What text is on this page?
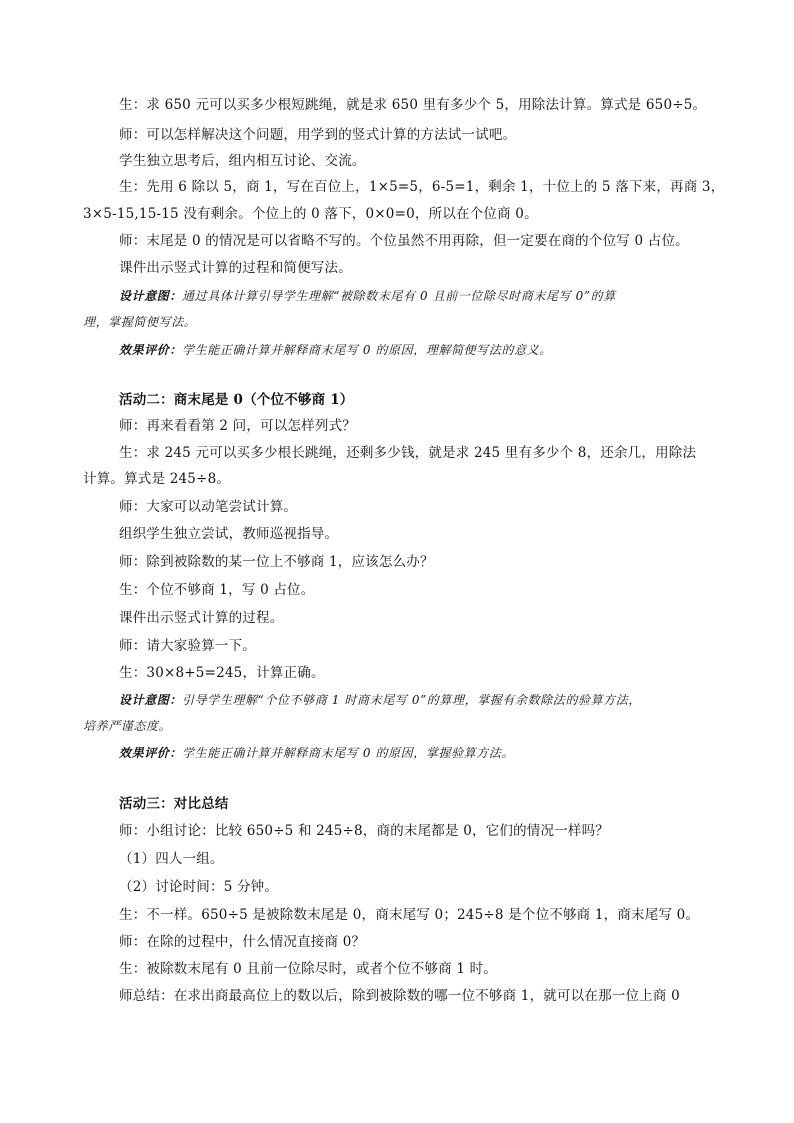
生：求 650 元可以买多少根短跳绳，就是求 650 里有多少个 5，用除法计算。算式是 650÷5。
师：可以怎样解决这个问题，用学到的竖式计算的方法试一试吧。
学生独立思考后，组内相互讨论、交流。
生：先用 6 除以 5，商 1，写在百位上，1×5=5，6-5=1，剩余 1，十位上的 5 落下来，再商 3，
3×5-15,15-15 没有剩余。个位上的 0 落下，0×0=0，所以在个位商 0。
师：末尾是 0 的情况是可以省略不写的。个位虽然不用再除，但一定要在商的个位写 0 占位。
课件出示竖式计算的过程和简便写法。
设计意图：通过具体计算引导学生理解“被除数末尾有 0 且前一位除尽时商末尾写 0”的算
理，掌握简便写法。
效果评价：学生能正确计算并解释商末尾写 0 的原因，理解简便写法的意义。
活动二：商末尾是 0（个位不够商 1）
师：再来看看第 2 问，可以怎样列式？
生：求 245 元可以买多少根长跳绳，还剩多少钱，就是求 245 里有多少个 8，还余几，用除法
计算。算式是 245÷8。
师：大家可以动笔尝试计算。
组织学生独立尝试，教师巡视指导。
师：除到被除数的某一位上不够商 1，应该怎么办？
生：个位不够商 1，写 0 占位。
课件出示竖式计算的过程。
师：请大家验算一下。
生：30×8+5=245，计算正确。
设计意图：引导学生理解“个位不够商 1 时商末尾写 0”的算理，掌握有余数除法的验算方法，
培养严谨态度。
效果评价：学生能正确计算并解释商末尾写 0 的原因，掌握验算方法。
活动三：对比总结
师：小组讨论：比较 650÷5 和 245÷8，商的末尾都是 0，它们的情况一样吗？
（1）四人一组。
（2）讨论时间：5 分钟。
生：不一样。650÷5 是被除数末尾是 0，商末尾写 0；245÷8 是个位不够商 1，商末尾写 0。
师：在除的过程中，什么情况直接商 0？
生：被除数末尾有 0 且前一位除尽时，或者个位不够商 1 时。
师总结：在求出商最高位上的数以后，除到被除数的哪一位不够商 1，就可以在那一位上商 0
